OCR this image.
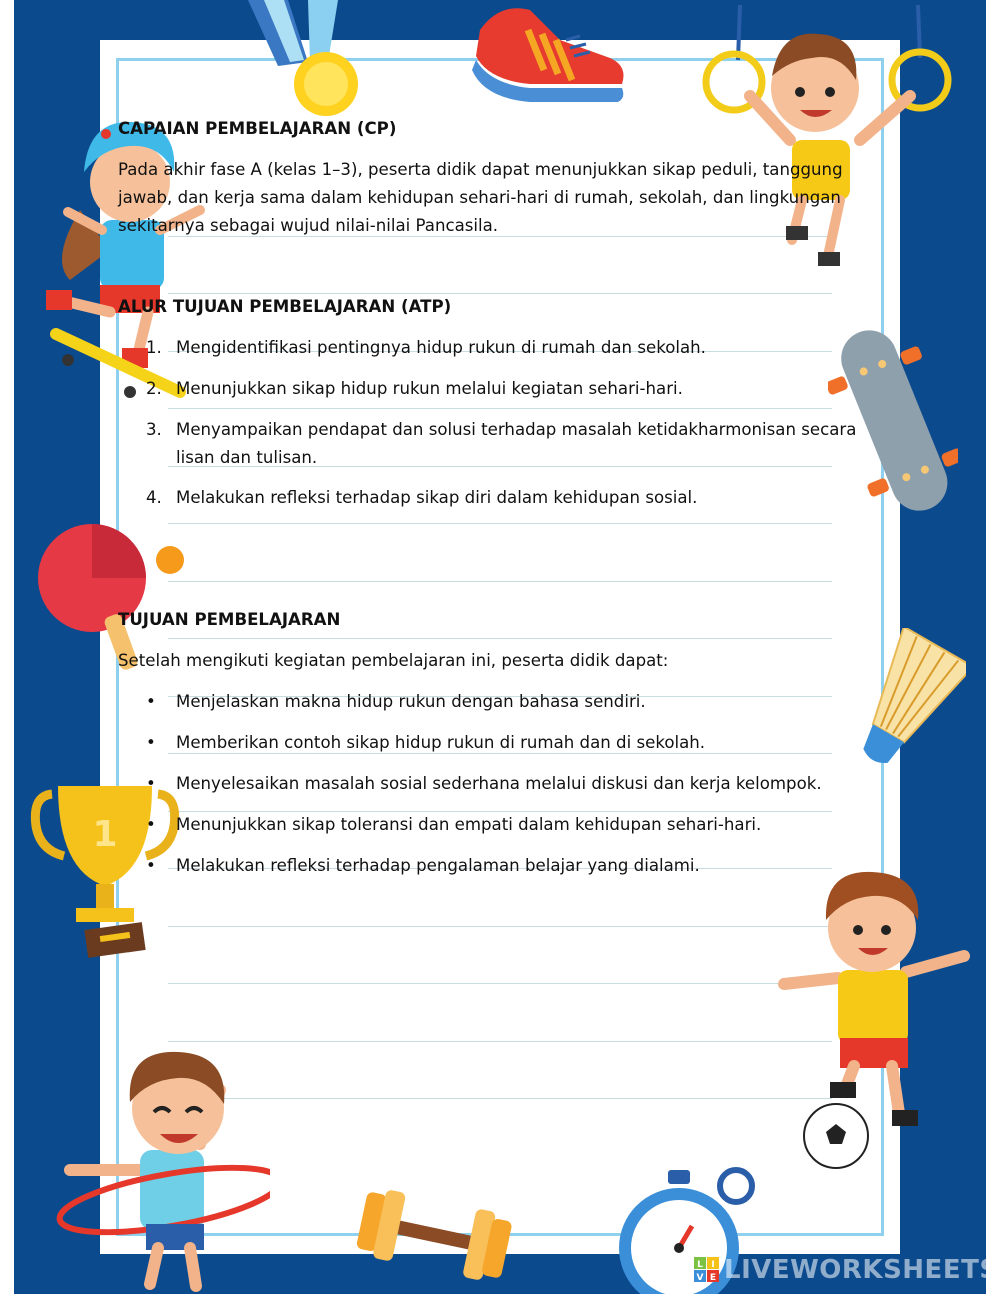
1
CAPAIAN PEMBELAJARAN (CP)
Pada akhir fase A (kelas 1–3), peserta didik dapat menunjukkan sikap peduli, tanggung jawab, dan kerja sama dalam kehidupan sehari-hari di rumah, sekolah, dan lingkungan sekitarnya sebagai wujud nilai-nilai Pancasila.
ALUR TUJUAN PEMBELAJARAN (ATP)
1. Mengidentifikasi pentingnya hidup rukun di rumah dan sekolah.
2. Menunjukkan sikap hidup rukun melalui kegiatan sehari-hari.
3. Menyampaikan pendapat dan solusi terhadap masalah ketidakharmonisan secara lisan dan tulisan.
4. Melakukan refleksi terhadap sikap diri dalam kehidupan sosial.
TUJUAN PEMBELAJARAN
Setelah mengikuti kegiatan pembelajaran ini, peserta didik dapat:
• Menjelaskan makna hidup rukun dengan bahasa sendiri.
• Memberikan contoh sikap hidup rukun di rumah dan di sekolah.
• Menyelesaikan masalah sosial sederhana melalui diskusi dan kerja kelompok.
• Menunjukkan sikap toleransi dan empati dalam kehidupan sehari-hari.
• Melakukan refleksi terhadap pengalaman belajar yang dialami.
L I
V E LIVEWORKSHEETS
